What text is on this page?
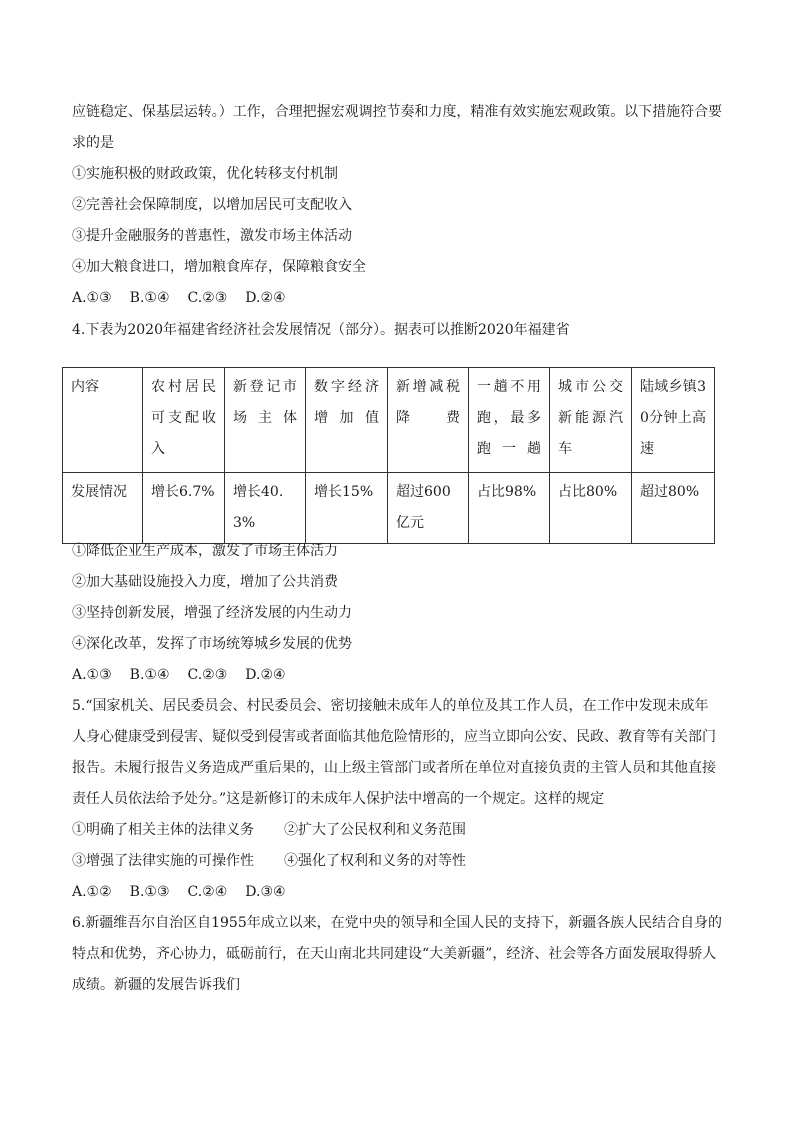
应链稳定、保基层运转。）工作，合理把握宏观调控节奏和力度，精准有效实施宏观政策。以下措施符合要
求的是
①实施积极的财政政策，优化转移支付机制
②完善社会保障制度，以增加居民可支配收入
③提升金融服务的普惠性，激发市场主体活动
④加大粮食进口，增加粮食库存，保障粮食安全
A.①③ B.①④ C.②③ D.②④
4.下表为2020年福建省经济社会发展情况（部分）。据表可以推断2020年福建省
内容	农村居民可支配收入	新登记市场主体	数字经济增加值	新增减税降费	一趟不用跑，最多跑一趟	城市公交新能源汽车	陆域乡镇30分钟上高速
发展情况	增长6.7%	增长40.3%	增长15%	超过600亿元	占比98%	占比80%	超过80%
①降低企业生产成本，激发了市场主体活力
②加大基础设施投入力度，增加了公共消费
③坚持创新发展，增强了经济发展的内生动力
④深化改革，发挥了市场统筹城乡发展的优势
A.①③ B.①④ C.②③ D.②④
5.“国家机关、居民委员会、村民委员会、密切接触未成年人的单位及其工作人员，在工作中发现未成年
人身心健康受到侵害、疑似受到侵害或者面临其他危险情形的，应当立即向公安、民政、教育等有关部门
报告。未履行报告义务造成严重后果的，山上级主管部门或者所在单位对直接负责的主管人员和其他直接
责任人员依法给予处分。”这是新修订的未成年人保护法中增高的一个规定。这样的规定
①明确了相关主体的法律义务 ②扩大了公民权利和义务范围
③增强了法律实施的可操作性 ④强化了权利和义务的对等性
A.①② B.①③ C.②④ D.③④
6.新疆维吾尔自治区自1955年成立以来，在党中央的领导和全国人民的支持下，新疆各族人民结合自身的
特点和优势，齐心协力，砥砺前行，在天山南北共同建设“大美新疆”，经济、社会等各方面发展取得骄人
成绩。新疆的发展告诉我们
